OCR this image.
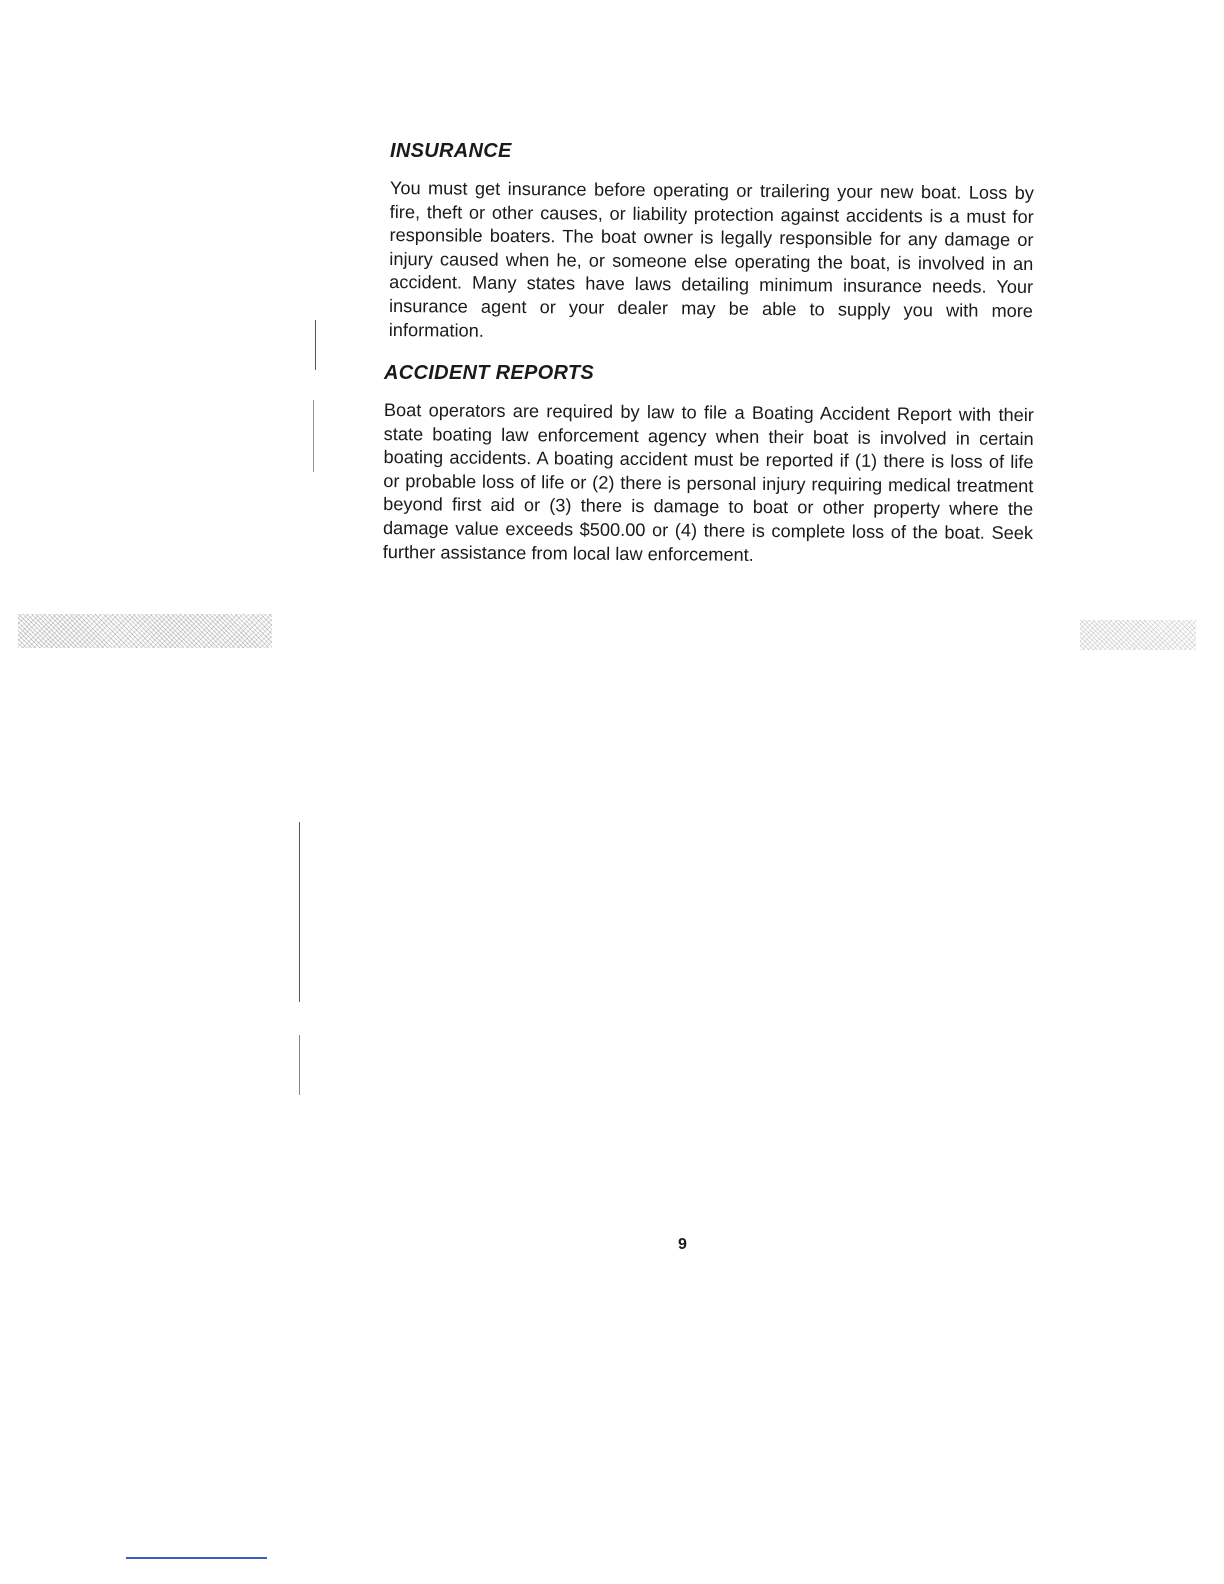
INSURANCE

You must get insurance before operating or trailering your new boat. Loss by fire, theft or other causes, or liability protection against accidents is a must for responsible boaters. The boat owner is legally responsible for any damage or injury caused when he, or someone else operating the boat, is involved in an accident. Many states have laws detailing minimum insurance needs. Your insurance agent or your dealer may be able to supply you with more information.

ACCIDENT REPORTS

Boat operators are required by law to file a Boating Accident Report with their state boating law enforcement agency when their boat is involved in certain boating accidents. A boating accident must be reported if (1) there is loss of life or probable loss of life or (2) there is personal injury requiring medical treatment beyond first aid or (3) there is damage to boat or other property where the damage value exceeds $500.00 or (4) there is complete loss of the boat. Seek further assistance from local law enforcement.

9
